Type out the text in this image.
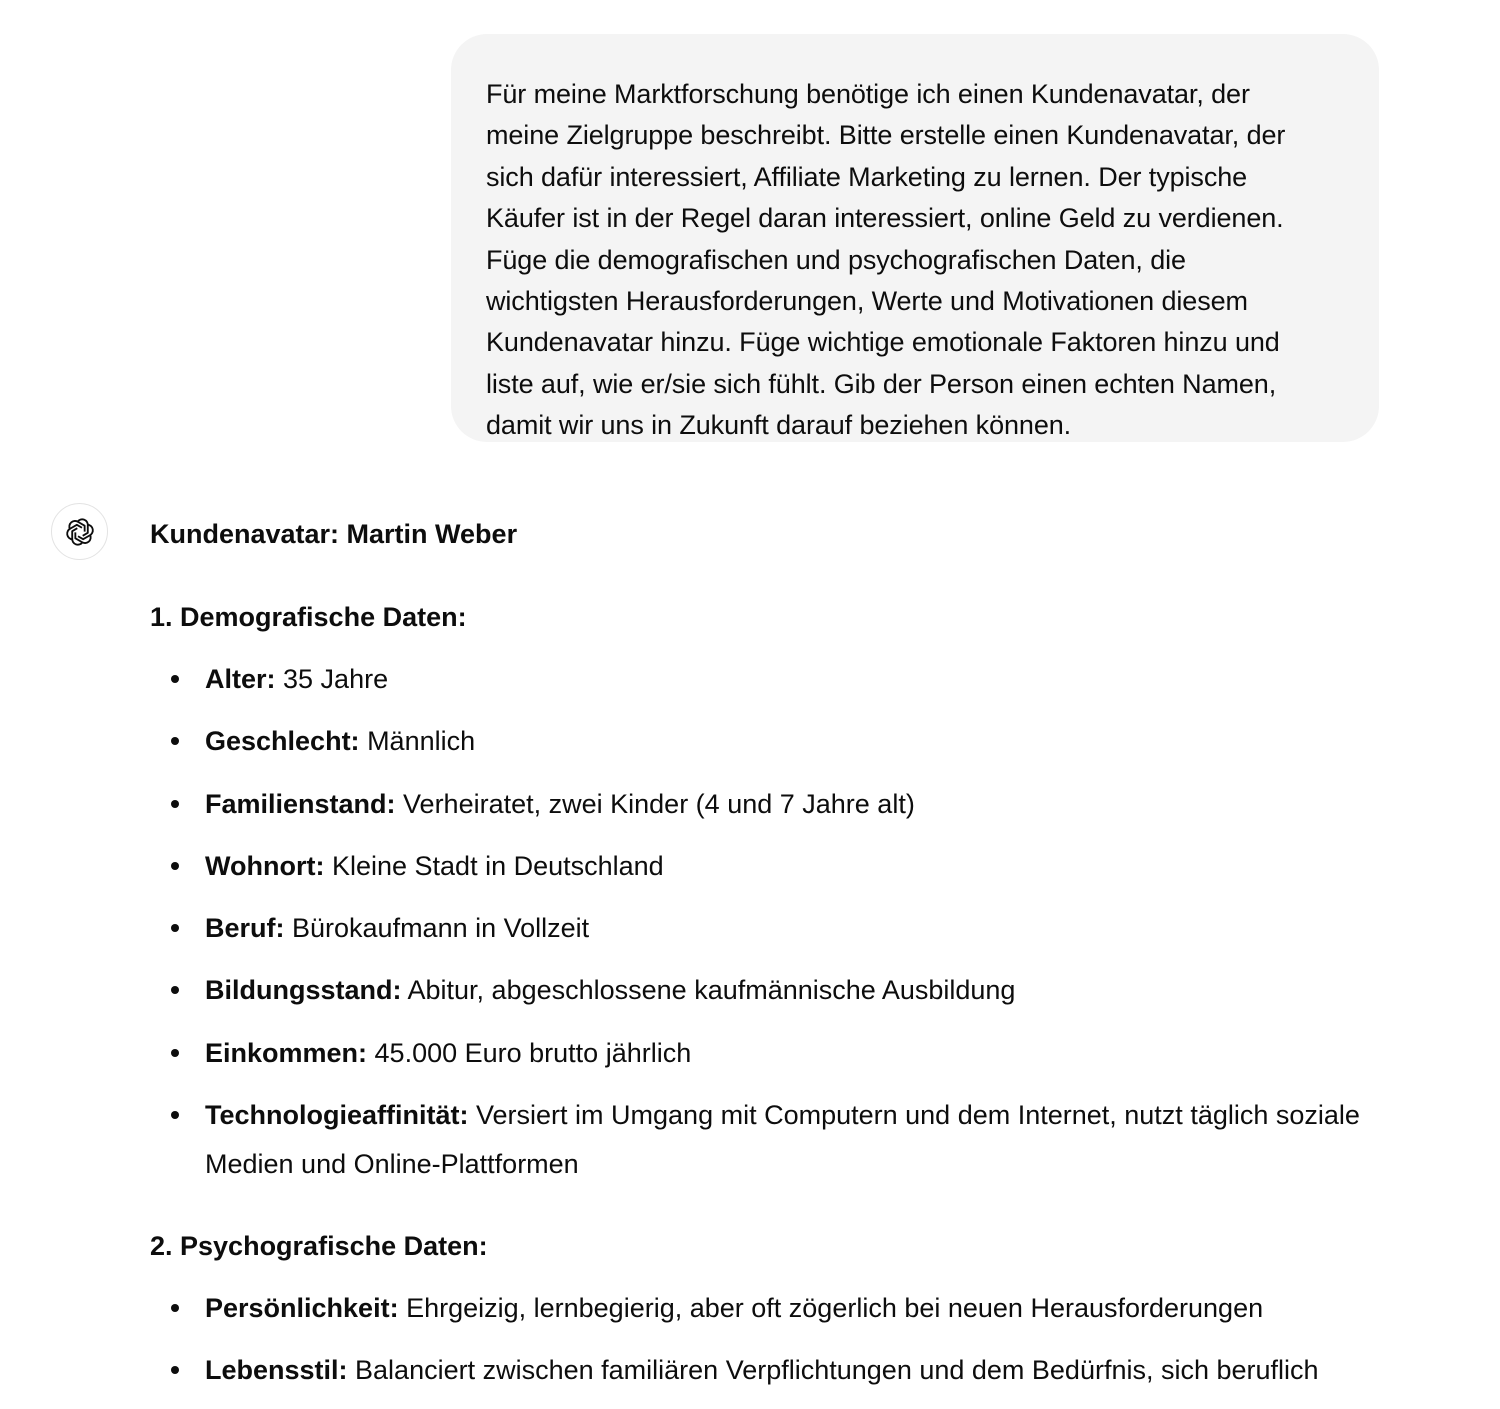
Für meine Marktforschung benötige ich einen Kundenavatar, der
meine Zielgruppe beschreibt. Bitte erstelle einen Kundenavatar, der
sich dafür interessiert, Affiliate Marketing zu lernen. Der typische
Käufer ist in der Regel daran interessiert, online Geld zu verdienen.
Füge die demografischen und psychografischen Daten, die
wichtigsten Herausforderungen, Werte und Motivationen diesem
Kundenavatar hinzu. Füge wichtige emotionale Faktoren hinzu und
liste auf, wie er/sie sich fühlt. Gib der Person einen echten Namen,
damit wir uns in Zukunft darauf beziehen können.
Kundenavatar: Martin Weber
1. Demografische Daten:
Alter: 35 Jahre
Geschlecht: Männlich
Familienstand: Verheiratet, zwei Kinder (4 und 7 Jahre alt)
Wohnort: Kleine Stadt in Deutschland
Beruf: Bürokaufmann in Vollzeit
Bildungsstand: Abitur, abgeschlossene kaufmännische Ausbildung
Einkommen: 45.000 Euro brutto jährlich
Technologieaffinität: Versiert im Umgang mit Computern und dem Internet, nutzt täglich soziale Medien und Online-Plattformen
2. Psychografische Daten:
Persönlichkeit: Ehrgeizig, lernbegierig, aber oft zögerlich bei neuen Herausforderungen
Lebensstil: Balanciert zwischen familiären Verpflichtungen und dem Bedürfnis, sich beruflich
